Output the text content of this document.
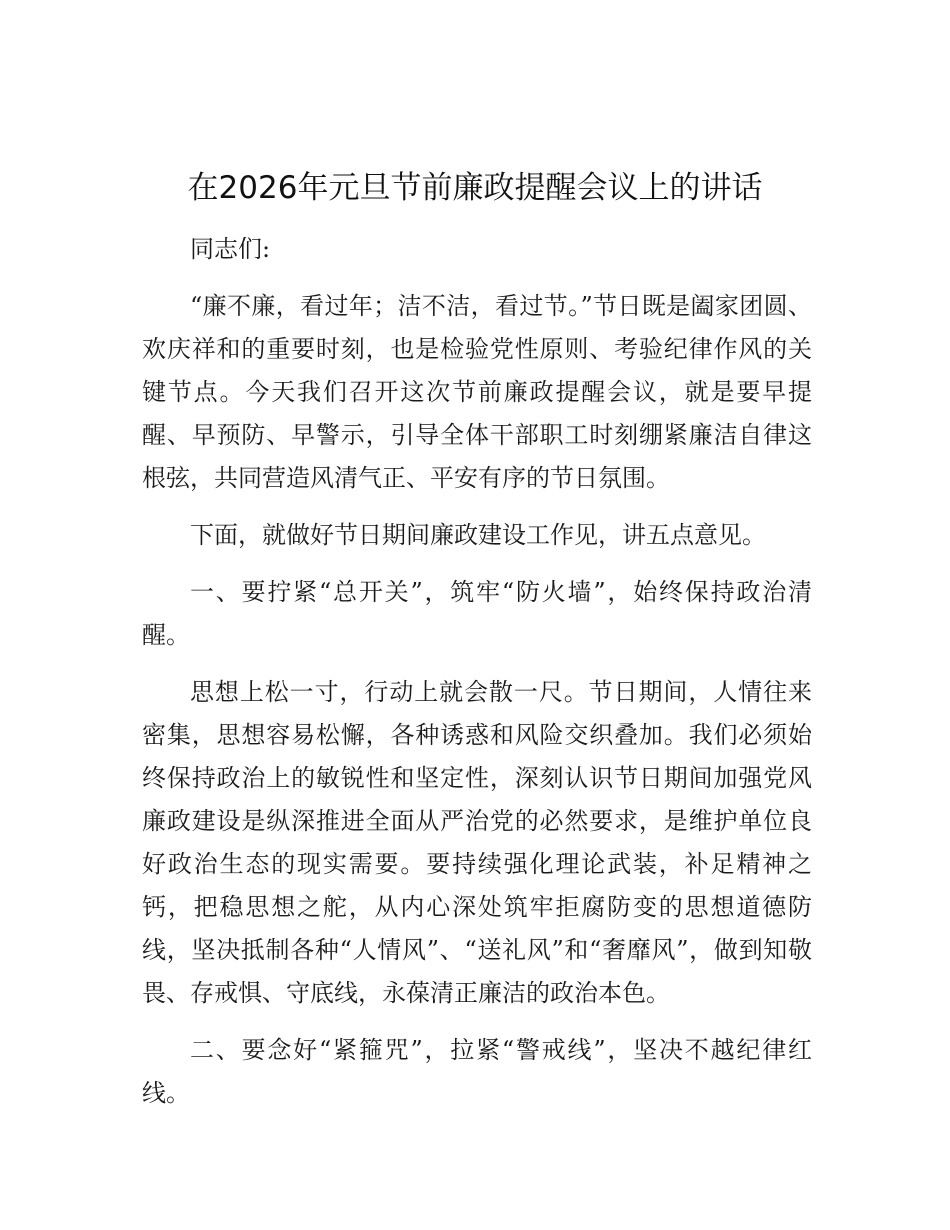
在2026年元旦节前廉政提醒会议上的讲话

同志们:

“廉不廉，看过年；洁不洁，看过节。”节日既是阖家团圆、欢庆祥和的重要时刻，也是检验党性原则、考验纪律作风的关键节点。今天我们召开这次节前廉政提醒会议，就是要早提醒、早预防、早警示，引导全体干部职工时刻绷紧廉洁自律这根弦，共同营造风清气正、平安有序的节日氛围。

下面，就做好节日期间廉政建设工作见，讲五点意见。

一、要拧紧“总开关”，筑牢“防火墙”，始终保持政治清醒。

思想上松一寸，行动上就会散一尺。节日期间，人情往来密集，思想容易松懈，各种诱惑和风险交织叠加。我们必须始终保持政治上的敏锐性和坚定性，深刻认识节日期间加强党风廉政建设是纵深推进全面从严治党的必然要求，是维护单位良好政治生态的现实需要。要持续强化理论武装，补足精神之钙，把稳思想之舵，从内心深处筑牢拒腐防变的思想道德防线，坚决抵制各种“人情风”、“送礼风”和“奢靡风”，做到知敬畏、存戒惧、守底线，永葆清正廉洁的政治本色。

二、要念好“紧箍咒”，拉紧“警戒线”，坚决不越纪律红线。
